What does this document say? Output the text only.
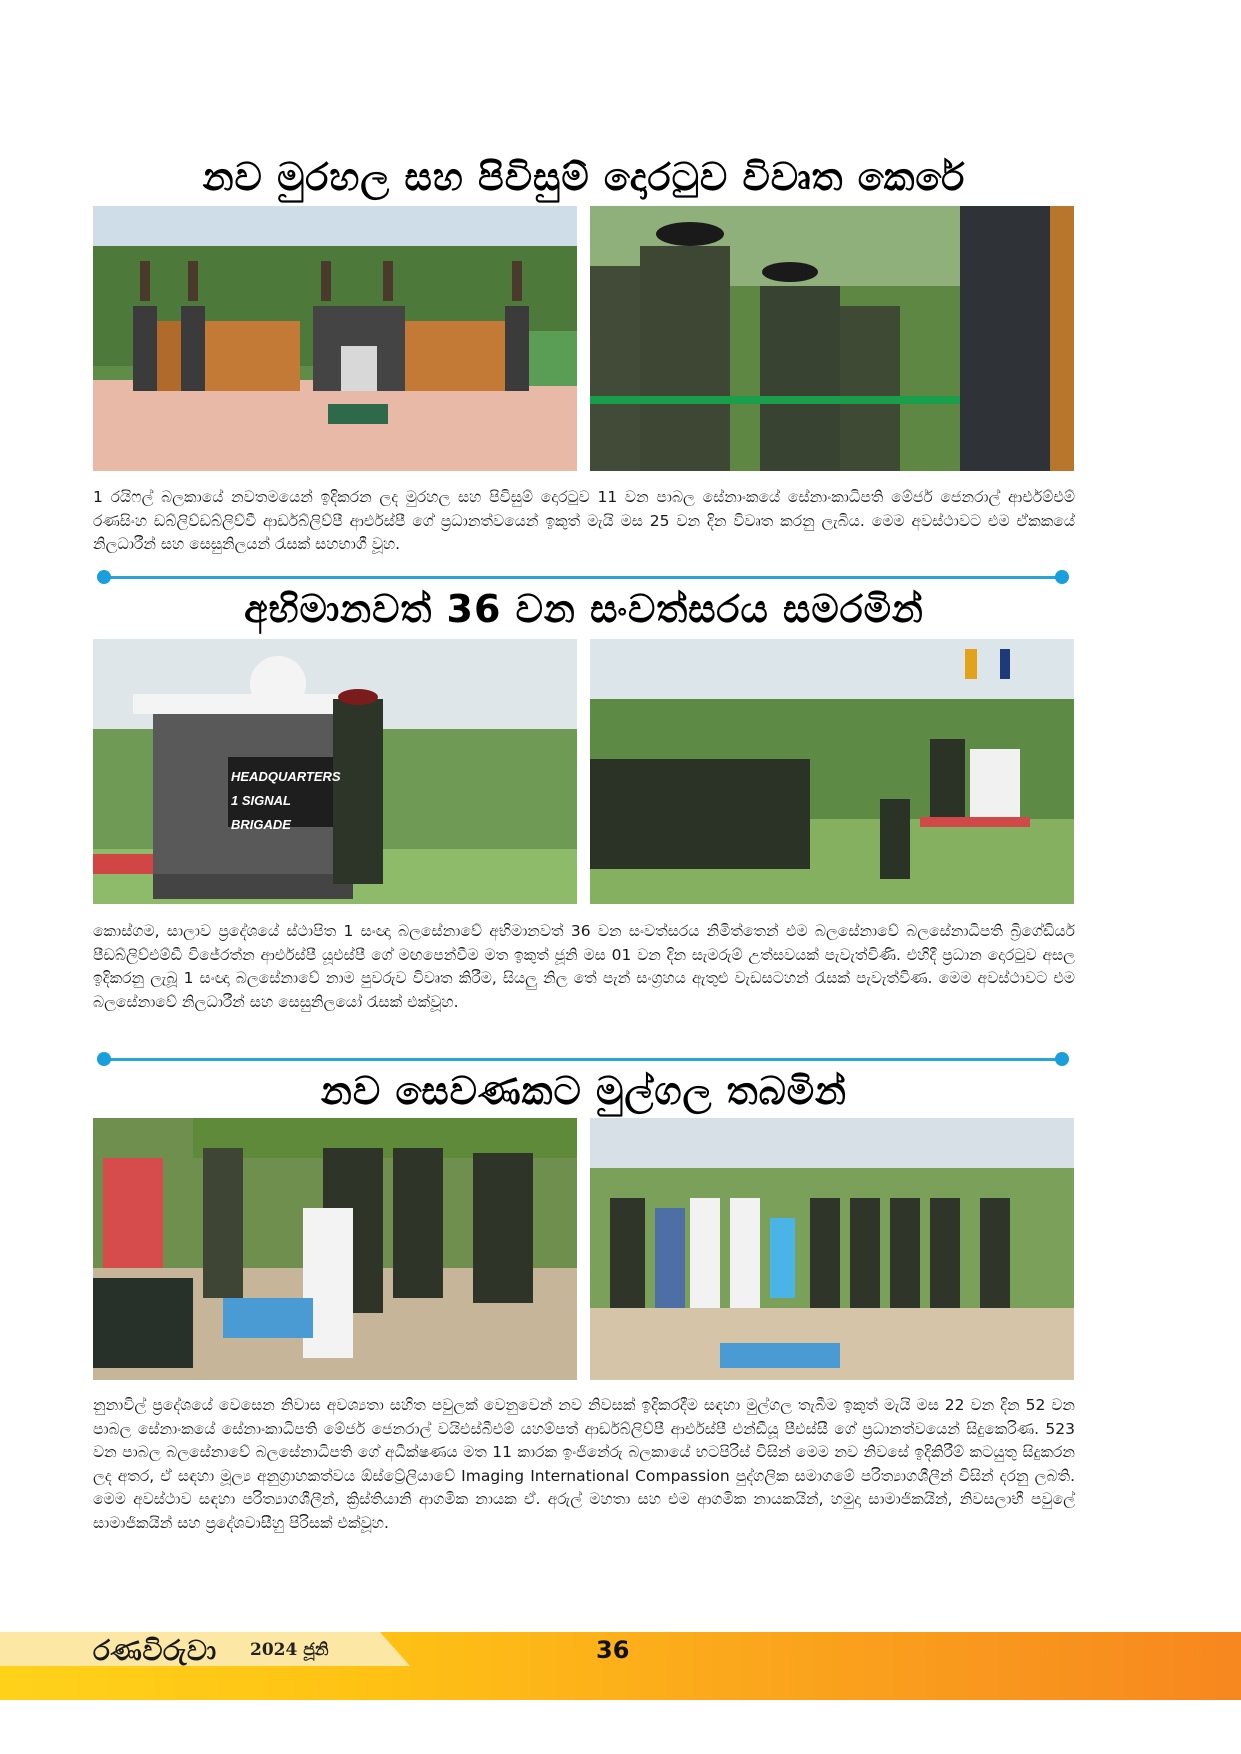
නව මුරහල සහ පිවිසුම් දොරටුව විවෘත කෙරේ
1 රයිෆල් බලකායේ නවතමයෙන් ඉදිකරන ලද මුරහල සහ පිවිසුම් දොරටුව 11 වන පාබල සේනාංකයේ සේනාංකාධිපති මේජර් ජෙනරාල් ආර්එම්එම් රණසිංහ ඩබ්ලිව්ඩබ්ලිව්වී ආර්ඩබ්ලිව්පී ආර්එස්පී ගේ ප්‍රධානත්වයෙන් ඉකුත් මැයි මස 25 වන දින විවෘත කරනු ලැබිය. මෙම අවස්ථාවට එම ඒකකයේ නිලධාරීන් සහ සෙසුනිලයන් රැසක් සහභාගී වූහ.
අභිමානවත් 36 වන සංවත්සරය සමරමින්
HEADQUARTERS
1 SIGNAL BRIGADE
කොස්ගම, සාලාව ප්‍රදේශයේ ස්ථාපිත 1 සංඥා බලසේනාවේ අභිමානවත් 36 වන සංවත්සරය නිමිත්තෙන් එම බලසේනාවේ බලසේනාධිපති බ්‍රිගේඩියර් පීඩබ්ලිව්එම්ඩී විජේරත්න ආර්එස්පී යූඑස්පී ගේ මඟපෙන්වීම මත ඉකුත් ජූනි මස 01 වන දින සැමරුම් උත්සවයක් පැවැත්විණි. එහිදී ප්‍රධාන දොරටුව අසල ඉදිකරනු ලැබූ 1 සංඥා බලසේනාවේ නාම පුවරුව විවෘත කිරීම, සියලු නිල තේ පැන් සංග්‍රහය ඇතුළු වැඩසටහන් රැසක් පැවැත්විණ. මෙම අවස්ථාවට එම බලසේනාවේ නිලධාරීන් සහ සෙසුනිලයෝ රැසක් එක්වූහ.
නව සෙවණකට මුල්ගල තබමින්
නුනාවිල් ප්‍රදේශයේ වෙසෙන නිවාස අවශ්‍යතා සහිත පවුලක් වෙනුවෙන් නව නිවසක් ඉදිකරදීම සඳහා මුල්ගල තැබීම ඉකුත් මැයි මස 22 වන දින 52 වන පාබල සේනාංකයේ සේනාංකාධිපති මේජර් ජෙනරාල් වයිඑස්බීඑම් යහම්පත් ආර්ඩබ්ලිව්පී ආර්එස්පී එන්ඩීයූ පීඑස්සී ගේ ප්‍රධානත්වයෙන් සිදුකෙරිණ. 523 වන පාබල බලසේනාවේ බලසේනාධිපති ගේ අධීක්ෂණය මත 11 කාරක ඉංජිනේරු බලකායේ භටපිරිස් විසින් මෙම නව නිවසේ ඉදිකිරීම් කටයුතු සිදුකරන ලද අතර, ඒ සඳහා මූල්‍ය අනුග්‍රාහකත්වය ඕස්ට්‍රේලියාවේ Imaging International Compassion පුද්ගලික සමාගමේ පරිත්‍යාගශීලීන් විසින් දරනු ලබති. මෙම අවස්ථාව සඳහා පරිත්‍යාගශීලීන්, ක්‍රිස්තියානි ආගමික නායක ඒ. අරුල් මහතා සහ එම ආගමික නායකයින්, හමුදා සාමාජිකයින්, නිවසලාභී පවුලේ සාමාජිකයින් සහ ප්‍රදේශවාසීහු පිරිසක් එක්වූහ.
රණවිරුවා 2024 ජූනි	36
